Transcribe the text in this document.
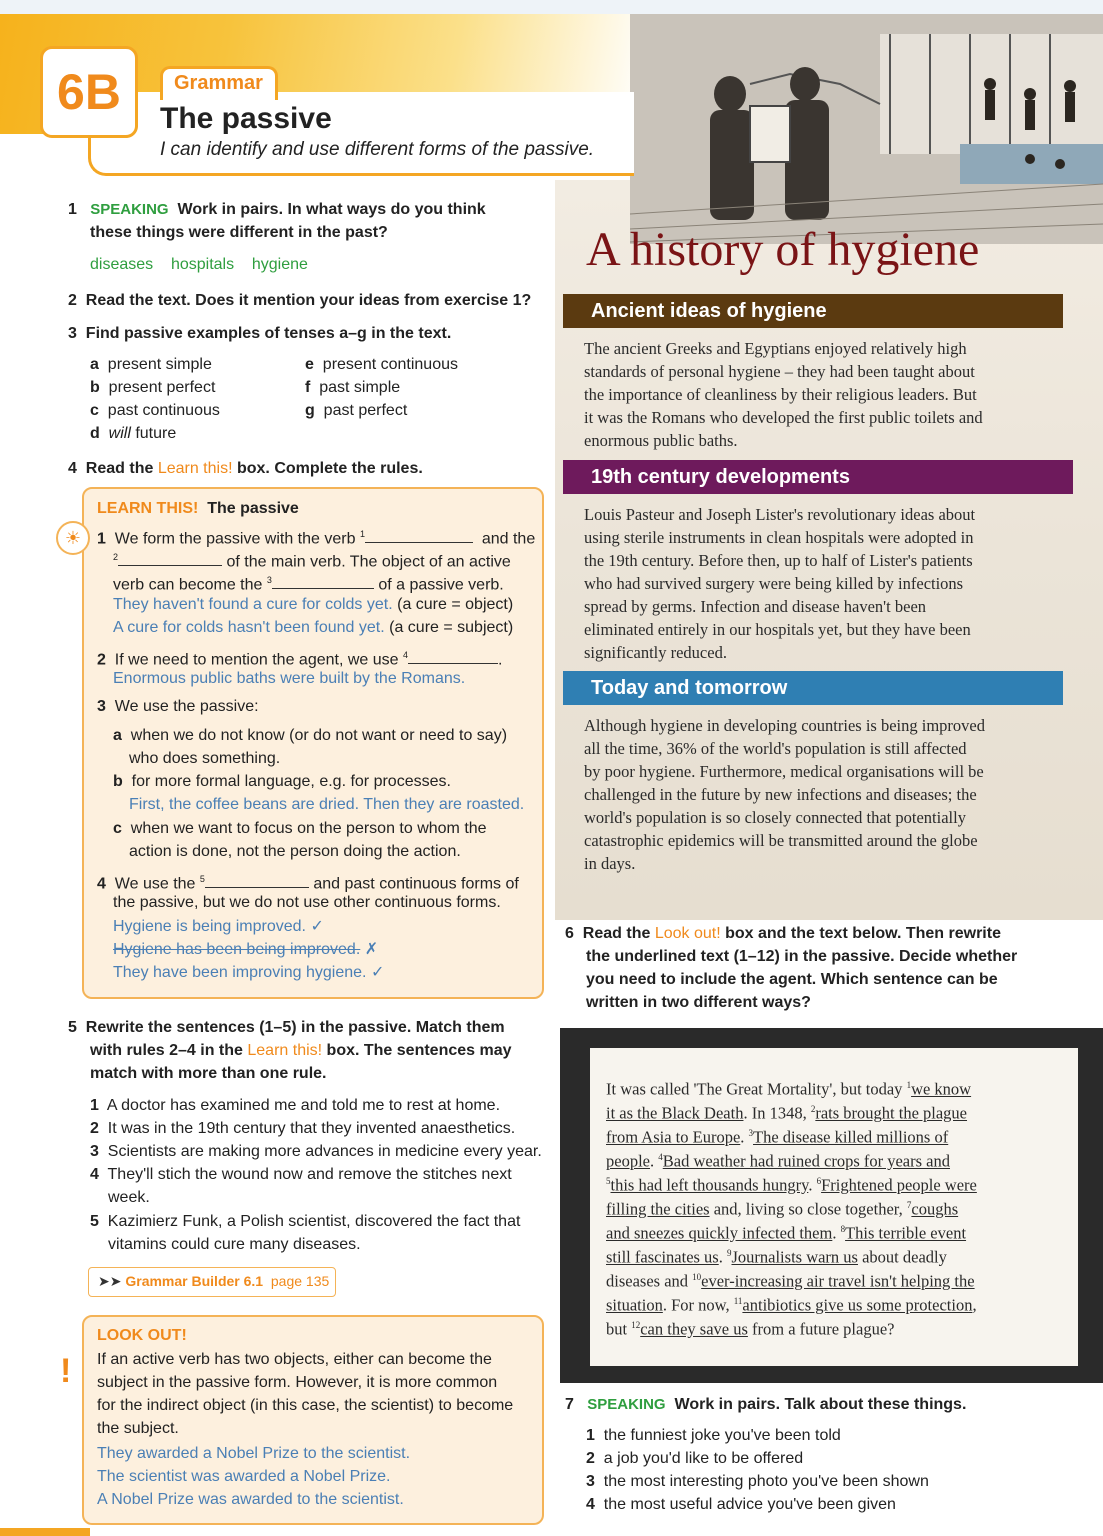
Grammar
6B	The passive
I can identify and use different forms of the passive.
1 SPEAKING Work in pairs. In what ways do you think
these things were different in the past?
diseases hospitals hygiene
2 Read the text. Does it mention your ideas from exercise 1?
3 Find passive examples of tenses a–g in the text.
a present simple
b present perfect
c past continuous
d will future
e present continuous
f past simple
g past perfect
4 Read the Learn this! box. Complete the rules.
☀
LEARN THIS! The passive
1 We form the passive with the verb $^1$	and the
$^2$	of the main verb. The object of an active
verb can become the $^3$	of a passive verb.
They haven't found a cure for colds yet. (a cure = object)
A cure for colds hasn't been found yet. (a cure = subject)
2 If we need to mention the agent, we use $^4$	.
Enormous public baths were built by the Romans.
3 We use the passive:
a when we do not know (or do not want or need to say)
who does something.
b for more formal language, e.g. for processes.
First, the coffee beans are dried. Then they are roasted.
c when we want to focus on the person to whom the
action is done, not the person doing the action.
4 We use the $^5$	and past continuous forms of
the passive, but we do not use other continuous forms.
Hygiene is being improved. ✓
Hygiene has been being improved. ✗
They have been improving hygiene. ✓
5 Rewrite the sentences (1–5) in the passive. Match them
with rules 2–4 in the Learn this! box. The sentences may
match with more than one rule.
1 A doctor has examined me and told me to rest at home.
2 It was in the 19th century that they invented anaesthetics.
3 Scientists are making more advances in medicine every year.
4 They'll stich the wound now and remove the stitches next
week.
5 Kazimierz Funk, a Polish scientist, discovered the fact that
vitamins could cure many diseases.
➤➤ Grammar Builder 6.1 page 135
!
LOOK OUT!
If an active verb has two objects, either can become the
subject in the passive form. However, it is more common
for the indirect object (in this case, the scientist) to become
the subject.
They awarded a Nobel Prize to the scientist.
The scientist was awarded a Nobel Prize.
A Nobel Prize was awarded to the scientist.
A history of hygiene
Ancient ideas of hygiene
The ancient Greeks and Egyptians enjoyed relatively high
standards of personal hygiene – they had been taught about
the importance of cleanliness by their religious leaders. But
it was the Romans who developed the first public toilets and
enormous public baths.
19th century developments
Louis Pasteur and Joseph Lister's revolutionary ideas about
using sterile instruments in clean hospitals were adopted in
the 19th century. Before then, up to half of Lister's patients
who had survived surgery were being killed by infections
spread by germs. Infection and disease haven't been
eliminated entirely in our hospitals yet, but they have been
significantly reduced.
Today and tomorrow
Although hygiene in developing countries is being improved
all the time, 36% of the world's population is still affected
by poor hygiene. Furthermore, medical organisations will be
challenged in the future by new infections and diseases; the
world's population is so closely connected that potentially
catastrophic epidemics will be transmitted around the globe
in days.
6 Read the Look out! box and the text below. Then rewrite
the underlined text (1–12) in the passive. Decide whether
you need to include the agent. Which sentence can be
written in two different ways?
It was called 'The Great Mortality', but today $^1$we know
it as the Black Death. In 1348, $^2$rats brought the plague
from Asia to Europe. $^3$The disease killed millions of
people. $^4$Bad weather had ruined crops for years and
$^5$this had left thousands hungry. $^6$Frightened people were
filling the cities and, living so close together, $^7$coughs
and sneezes quickly infected them. $^8$This terrible event
still fascinates us. $^9$Journalists warn us about deadly
diseases and $^{10}$ever-increasing air travel isn't helping the
situation. For now, $^{11}$antibiotics give us some protection,
but $^{12}$can they save us from a future plague?
7 SPEAKING Work in pairs. Talk about these things.
1 the funniest joke you've been told
2 a job you'd like to be offered
3 the most interesting photo you've been shown
4 the most useful advice you've been given
